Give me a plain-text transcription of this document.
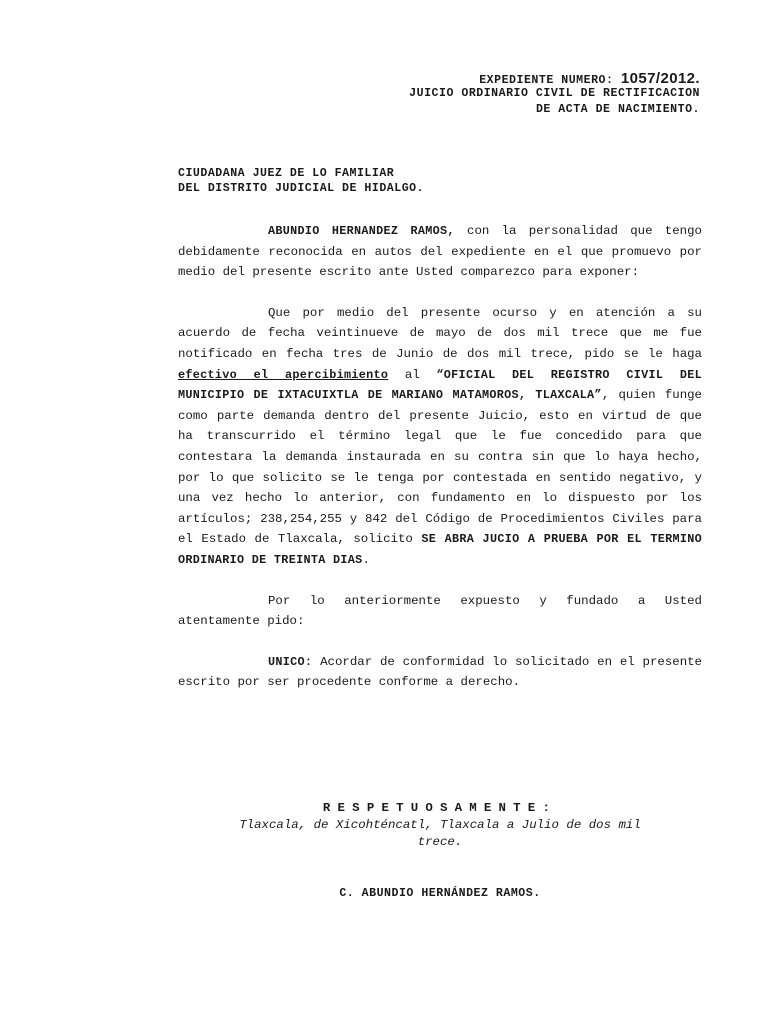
EXPEDIENTE NUMERO: 1057/2012.
JUICIO ORDINARIO CIVIL DE RECTIFICACION
DE ACTA DE NACIMIENTO.
CIUDADANA JUEZ DE LO FAMILIAR
DEL DISTRITO JUDICIAL DE HIDALGO.

ABUNDIO HERNANDEZ RAMOS, con la personalidad que tengo debidamente reconocida en autos del expediente en el que promuevo por medio del presente escrito ante Usted comparezco para exponer:

Que por medio del presente ocurso y en atención a su acuerdo de fecha veintinueve de mayo de dos mil trece que me fue notificado en fecha tres de Junio de dos mil trece, pido se le haga efectivo el apercibimiento al “OFICIAL DEL REGISTRO CIVIL DEL MUNICIPIO DE IXTACUIXTLA DE MARIANO MATAMOROS, TLAXCALA”, quien funge como parte demanda dentro del presente Juicio, esto en virtud de que ha transcurrido el término legal que le fue concedido para que contestara la demanda instaurada en su contra sin que lo haya hecho, por lo que solicito se le tenga por contestada en sentido negativo, y una vez hecho lo anterior, con fundamento en lo dispuesto por los artículos; 238,254,255 y 842 del Código de Procedimientos Civiles para el Estado de Tlaxcala, solicito SE ABRA JUCIO A PRUEBA POR EL TERMINO ORDINARIO DE TREINTA DIAS.

Por lo anteriormente expuesto y fundado a Usted atentamente pido:

UNICO: Acordar de conformidad lo solicitado en el presente escrito por ser procedente conforme a derecho.

RESPETUOSAMENTE:
Tlaxcala, de Xicohténcatl, Tlaxcala a Julio de dos mil
trece.
C. ABUNDIO HERNÁNDEZ RAMOS.
